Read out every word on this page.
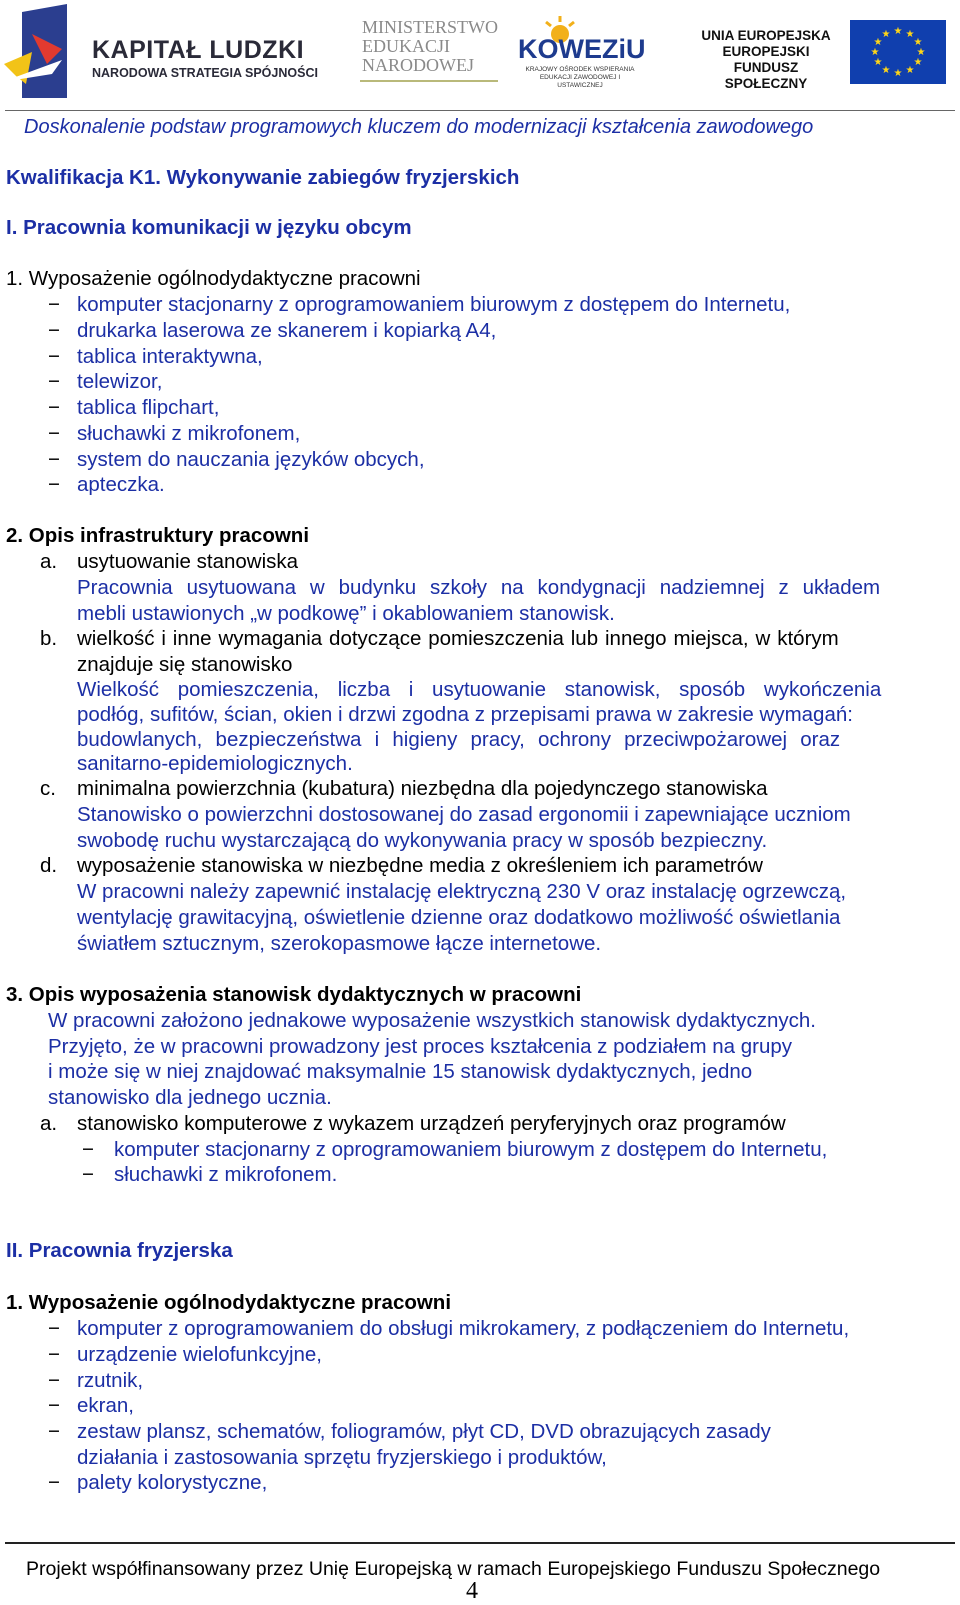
KAPITAŁ LUDZKI
NARODOWA STRATEGIA SPÓJNOŚCI
MINISTERSTWO
EDUKACJI
NARODOWEJ
KOWEZiU
KRAJOWY OŚRODEK WSPIERANIA
EDUKACJI ZAWODOWEJ I USTAWICZNEJ
UNIA EUROPEJSKA
EUROPEJSKI
FUNDUSZ SPOŁECZNY
★ ★
★
★
★
★
★
★
★
★
★
★
Doskonalenie podstaw programowych kluczem do modernizacji kształcenia zawodowego
Kwalifikacja K1. Wykonywanie zabiegów fryzjerskich
I. Pracownia komunikacji w języku obcym
1. Wyposażenie ogólnodydaktyczne pracowni
− komputer stacjonarny z oprogramowaniem biurowym z dostępem do Internetu,
− drukarka laserowa ze skanerem i kopiarką A4,
− tablica interaktywna,
− telewizor,
− tablica flipchart,
− słuchawki z mikrofonem,
− system do nauczania języków obcych,
− apteczka.
2. Opis infrastruktury pracowni
a. usytuowanie stanowiska
Pracownia usytuowana w budynku szkoły na kondygnacji nadziemnej z układem
mebli ustawionych „w podkowę” i okablowaniem stanowisk.
b. wielkość i inne wymagania dotyczące pomieszczenia lub innego miejsca, w którym
znajduje się stanowisko
Wielkość pomieszczenia, liczba i usytuowanie stanowisk, sposób wykończenia
podłóg, sufitów, ścian, okien i drzwi zgodna z przepisami prawa w zakresie wymagań:
budowlanych, bezpieczeństwa i higieny pracy, ochrony przeciwpożarowej oraz
sanitarno-epidemiologicznych.
c. minimalna powierzchnia (kubatura) niezbędna dla pojedynczego stanowiska
Stanowisko o powierzchni dostosowanej do zasad ergonomii i zapewniające uczniom
swobodę ruchu wystarczającą do wykonywania pracy w sposób bezpieczny.
d. wyposażenie stanowiska w niezbędne media z określeniem ich parametrów
W pracowni należy zapewnić instalację elektryczną 230 V oraz instalację ogrzewczą,
wentylację grawitacyjną, oświetlenie dzienne oraz dodatkowo możliwość oświetlania
światłem sztucznym, szerokopasmowe łącze internetowe.
3. Opis wyposażenia stanowisk dydaktycznych w pracowni
W pracowni założono jednakowe wyposażenie wszystkich stanowisk dydaktycznych.
Przyjęto, że w pracowni prowadzony jest proces kształcenia z podziałem na grupy
i może się w niej znajdować maksymalnie 15 stanowisk dydaktycznych, jedno
stanowisko dla jednego ucznia.
a. stanowisko komputerowe z wykazem urządzeń peryferyjnych oraz programów
− komputer stacjonarny z oprogramowaniem biurowym z dostępem do Internetu,
− słuchawki z mikrofonem.
II. Pracownia fryzjerska
1. Wyposażenie ogólnodydaktyczne pracowni
− komputer z oprogramowaniem do obsługi mikrokamery, z podłączeniem do Internetu,
− urządzenie wielofunkcyjne,
− rzutnik,
− ekran,
− zestaw plansz, schematów, foliogramów, płyt CD, DVD obrazujących zasady
działania i zastosowania sprzętu fryzjerskiego i produktów,
− palety kolorystyczne,
Projekt współfinansowany przez Unię Europejską w ramach Europejskiego Funduszu Społecznego
4
